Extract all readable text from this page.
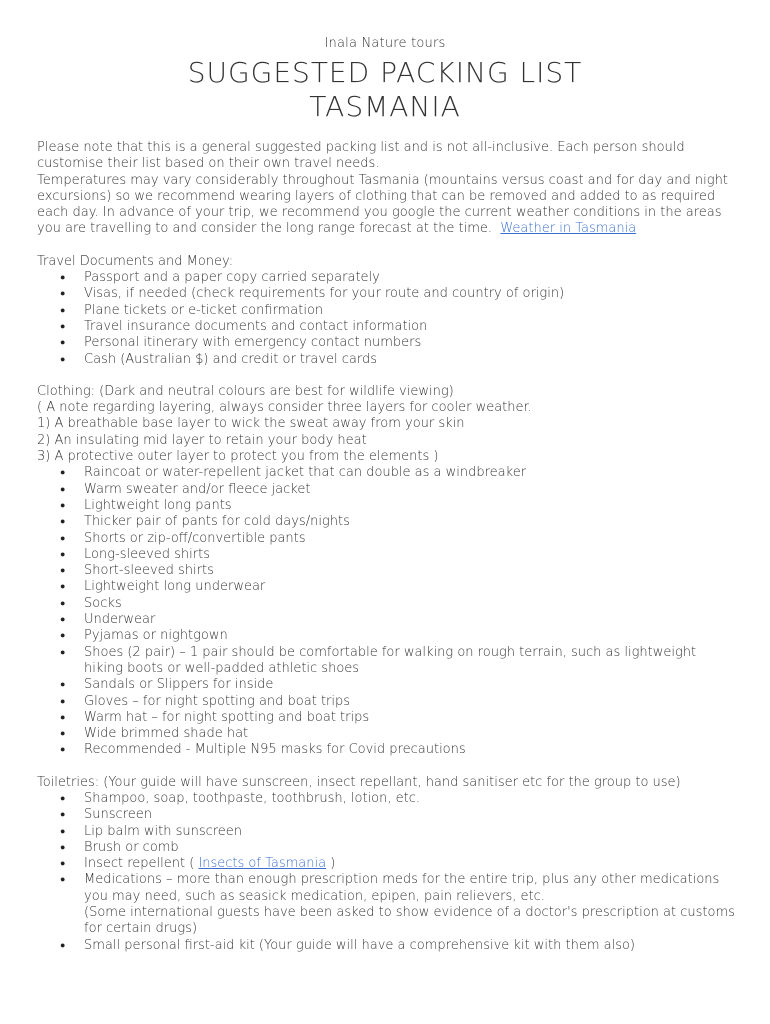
Inala Nature tours
SUGGESTED PACKING LIST
TASMANIA

Please note that this is a general suggested packing list and is not all-inclusive. Each person should customise their list based on their own travel needs.

Temperatures may vary considerably throughout Tasmania (mountains versus coast and for day and night excursions) so we recommend wearing layers of clothing that can be removed and added to as required each day. In advance of your trip, we recommend you google the current weather conditions in the areas you are travelling to and consider the long range forecast at the time. Weather in Tasmania

Travel Documents and Money:

● Passport and a paper copy carried separately
● Visas, if needed (check requirements for your route and country of origin)
● Plane tickets or e-ticket confirmation
● Travel insurance documents and contact information
● Personal itinerary with emergency contact numbers
● Cash (Australian $) and credit or travel cards

Clothing: (Dark and neutral colours are best for wildlife viewing)

( A note regarding layering, always consider three layers for cooler weather.

1) A breathable base layer to wick the sweat away from your skin

2) An insulating mid layer to retain your body heat

3) A protective outer layer to protect you from the elements )

● Raincoat or water-repellent jacket that can double as a windbreaker
● Warm sweater and/or fleece jacket
● Lightweight long pants
● Thicker pair of pants for cold days/nights
● Shorts or zip-off/convertible pants
● Long-sleeved shirts
● Short-sleeved shirts
● Lightweight long underwear
● Socks
● Underwear
● Pyjamas or nightgown
● Shoes (2 pair) – 1 pair should be comfortable for walking on rough terrain, such as lightweight hiking boots or well-padded athletic shoes
● Sandals or Slippers for inside
● Gloves – for night spotting and boat trips
● Warm hat – for night spotting and boat trips
● Wide brimmed shade hat
● Recommended - Multiple N95 masks for Covid precautions

Toiletries: (Your guide will have sunscreen, insect repellant, hand sanitiser etc for the group to use)

● Shampoo, soap, toothpaste, toothbrush, lotion, etc.
● Sunscreen
● Lip balm with sunscreen
● Brush or comb
● Insect repellent ( Insects of Tasmania )
● Medications – more than enough prescription meds for the entire trip, plus any other medications you may need, such as seasick medication, epipen, pain relievers, etc.
(Some international guests have been asked to show evidence of a doctor's prescription at customs for certain drugs)
● Small personal first-aid kit (Your guide will have a comprehensive kit with them also)
